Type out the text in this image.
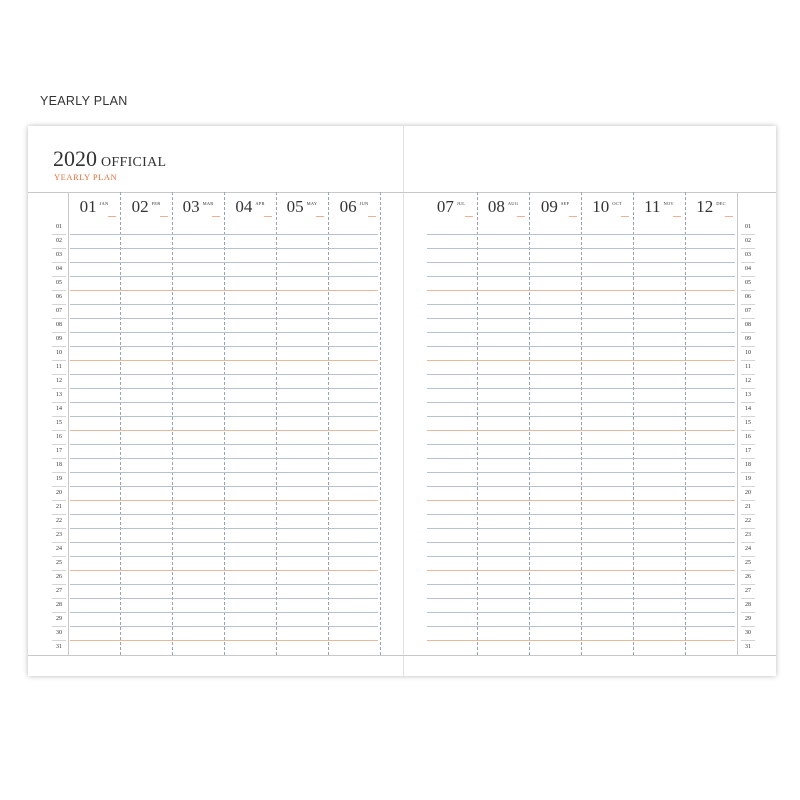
YEARLY PLAN
2020 OFFICIAL
YEARLY PLAN
01 JAN 02 FEB 03 MAR 04 APR 05 MAY 06 JUN	07 JUL 08 AUG 09 SEP 10 OCT 11 NOV 12 DEC
01	01
02	02
03	03
04	04
05	05
06	06
07	07
08	08
09	09
10	10
11	11
12	12
13	13
14	14
15	15
16	16
17	17
18	18
19	19
20	20
21	21
22	22
23	23
24	24
25	25
26	26
27	27
28	28
29	29
30	30
31	31
